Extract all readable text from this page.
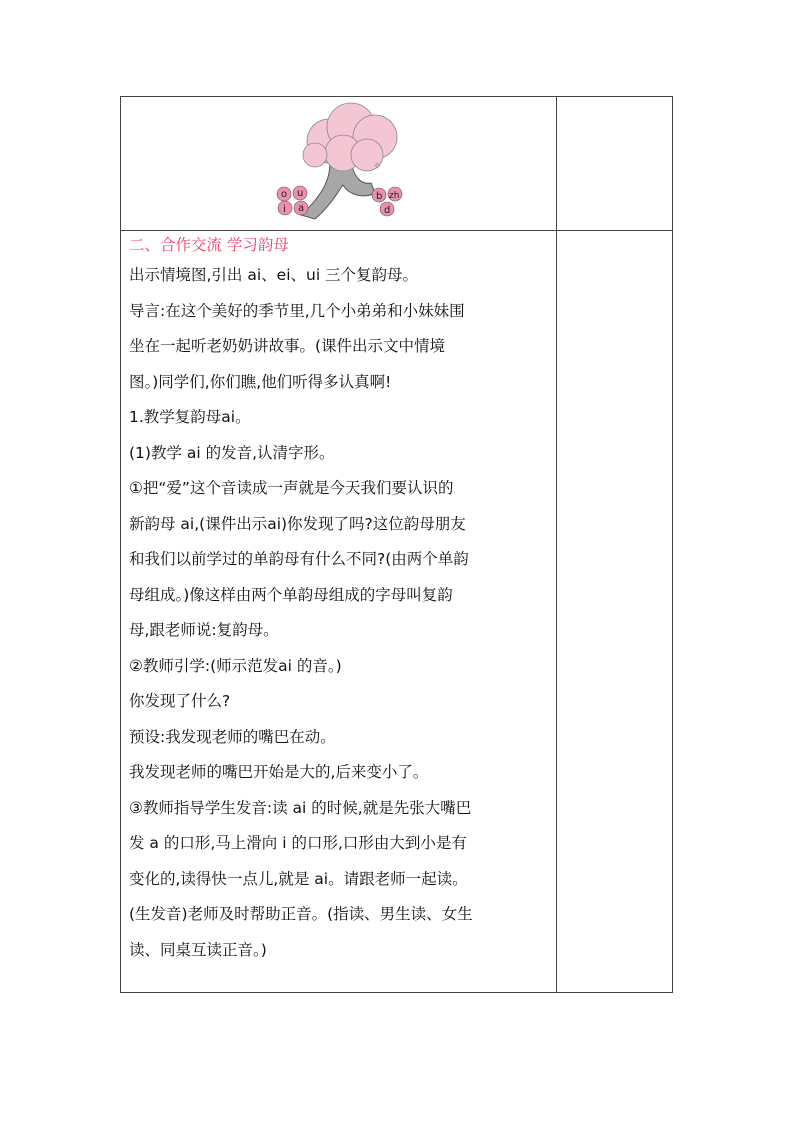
✧
o u
i a
b zh
d
二、合作交流 学习韵母
出示情境图,引出 ai、ei、ui 三个复韵母。
导言:在这个美好的季节里,几个小弟弟和小妹妹围
坐在一起听老奶奶讲故事。(课件出示文中情境
图。)同学们,你们瞧,他们听得多认真啊!
1.教学复韵母ai。
(1)教学 ai 的发音,认清字形。
①把“爱”这个音读成一声就是今天我们要认识的
新韵母 ai,(课件出示ai)你发现了吗?这位韵母朋友
和我们以前学过的单韵母有什么不同?(由两个单韵
母组成。)像这样由两个单韵母组成的字母叫复韵
母,跟老师说:复韵母。
②教师引学:(师示范发ai 的音。)
你发现了什么?
预设:我发现老师的嘴巴在动。
我发现老师的嘴巴开始是大的,后来变小了。
③教师指导学生发音:读 ai 的时候,就是先张大嘴巴
发 a 的口形,马上滑向 i 的口形,口形由大到小是有
变化的,读得快一点儿,就是 ai。请跟老师一起读。
(生发音)老师及时帮助正音。(指读、男生读、女生
读、同桌互读正音。)
